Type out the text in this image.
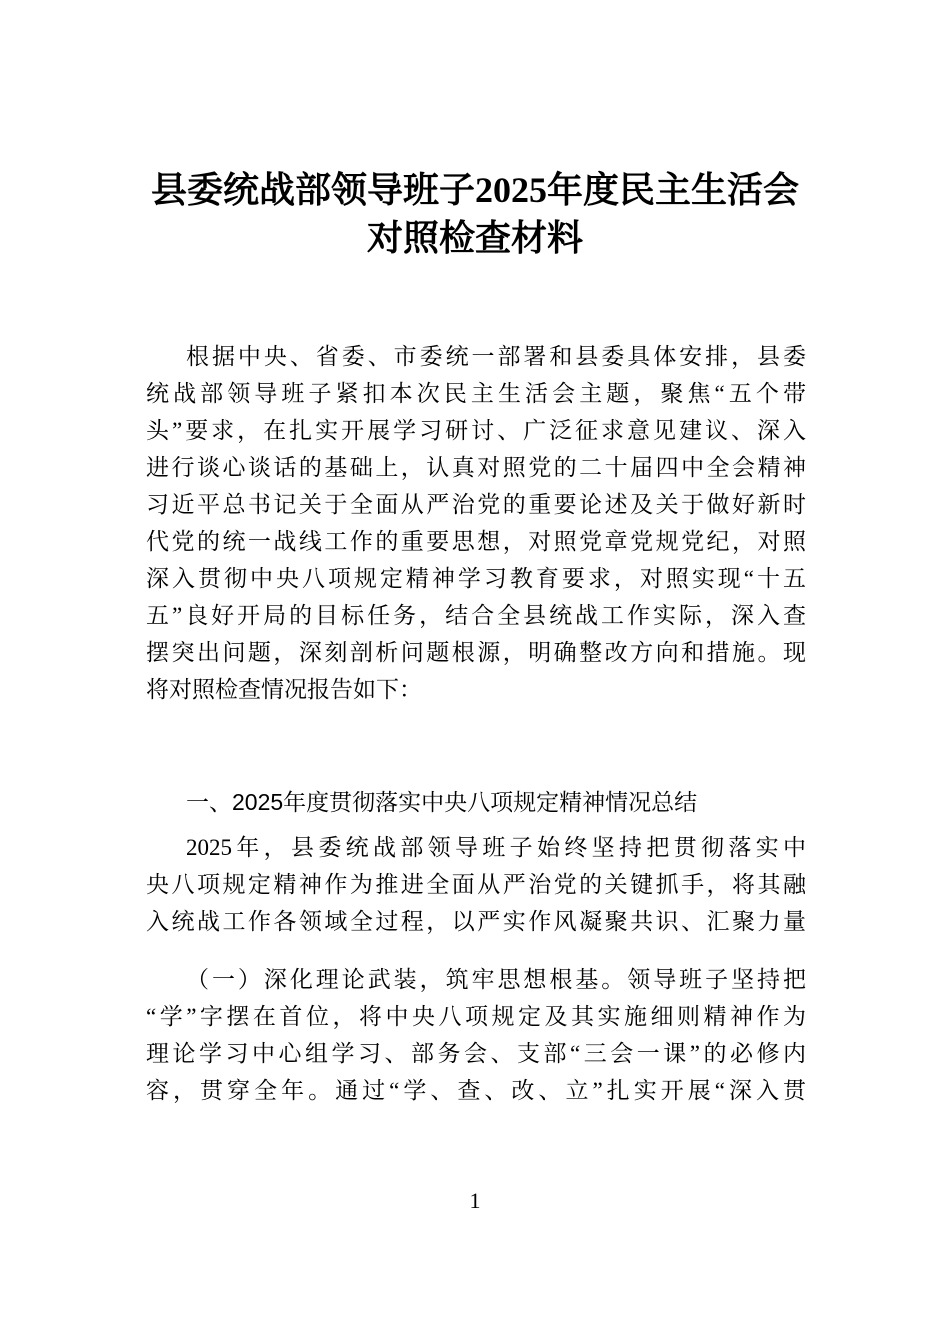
县委统战部领导班子2025年度民主生活会
对照检查材料
根据中央、省委、市委统一部署和县委具体安排，县委
统战部领导班子紧扣本次民主生活会主题，聚焦“五个带
头”要求，在扎实开展学习研讨、广泛征求意见建议、深入
进行谈心谈话的基础上，认真对照党的二十届四中全会精神
习近平总书记关于全面从严治党的重要论述及关于做好新时
代党的统一战线工作的重要思想，对照党章党规党纪，对照
深入贯彻中央八项规定精神学习教育要求，对照实现“十五
五”良好开局的目标任务，结合全县统战工作实际，深入查
摆突出问题，深刻剖析问题根源，明确整改方向和措施。现
将对照检查情况报告如下：
一、2025年度贯彻落实中央八项规定精神情况总结
2025年，县委统战部领导班子始终坚持把贯彻落实中
央八项规定精神作为推进全面从严治党的关键抓手，将其融
入统战工作各领域全过程，以严实作风凝聚共识、汇聚力量
（一）深化理论武装，筑牢思想根基。领导班子坚持把
“学”字摆在首位，将中央八项规定及其实施细则精神作为
理论学习中心组学习、部务会、支部“三会一课”的必修内
容，贯穿全年。通过“学、查、改、立”扎实开展“深入贯
1
